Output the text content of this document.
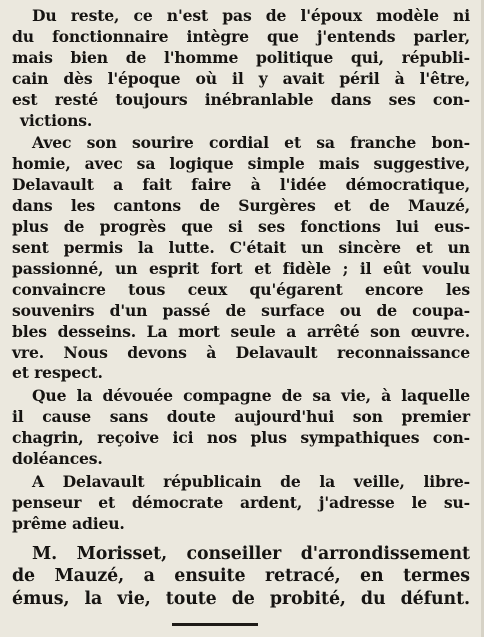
Du reste, ce n'est pas de l'époux modèle ni
du fonctionnaire intègre que j'entends parler,
mais bien de l'homme politique qui, républi-
cain dès l'époque où il y avait péril à l'être,
est resté toujours inébranlable dans ses con-
victions.
Avec son sourire cordial et sa franche bon-
homie, avec sa logique simple mais suggestive,
Delavault a fait faire à l'idée démocratique,
dans les cantons de Surgères et de Mauzé,
plus de progrès que si ses fonctions lui eus-
sent permis la lutte. C'était un sincère et un
passionné, un esprit fort et fidèle ; il eût voulu
convaincre tous ceux qu'égarent encore les
souvenirs d'un passé de surface ou de coupa-
bles desseins. La mort seule a arrêté son œuvre.
vre. Nous devons à Delavault reconnaissance
et respect.
Que la dévouée compagne de sa vie, à laquelle
il cause sans doute aujourd'hui son premier
chagrin, reçoive ici nos plus sympathiques con-
doléances.
A Delavault républicain de la veille, libre-
penseur et démocrate ardent, j'adresse le su-
prême adieu.
M. Morisset, conseiller d'arrondissement
de Mauzé, a ensuite retracé, en termes
émus, la vie, toute de probité, du défunt.
